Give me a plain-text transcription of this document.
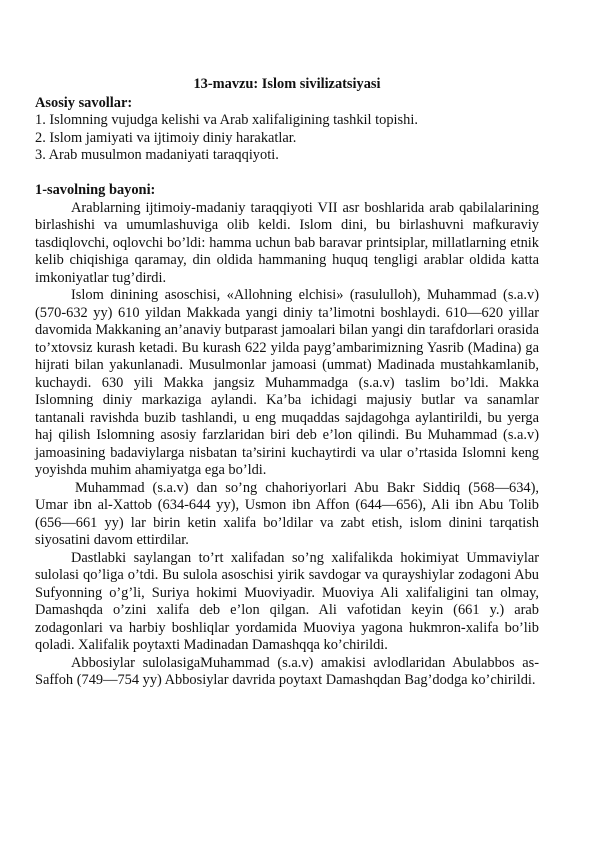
13-mavzu: Islom sivilizatsiyasi

Asosiy savollar:

1. Islomning vujudga kelishi va Arab xalifaligining tashkil topishi.

2. Islom jamiyati va ijtimoiy diniy harakatlar.

3. Arab musulmon madaniyati taraqqiyoti.

1-savolning bayoni:

Arablarning ijtimoiy-madaniy taraqqiyoti VII asr boshlarida arab qabilalarining birlashishi va umumlashuviga olib keldi. Islom dini, bu birlashuvni mafkuraviy tasdiqlovchi, oqlovchi bo’ldi: hamma uchun bab baravar printsiplar, millatlarning etnik kelib chiqishiga qaramay, din oldida hammaning huquq tengligi arablar oldida katta imkoniyatlar tug’dirdi.

Islom dinining asoschisi, «Allohning elchisi» (rasululloh), Muhammad (s.a.v) (570-632 yy) 610 yildan Makkada yangi diniy ta’limotni boshlaydi. 610—620 yillar davomida Makkaning an’anaviy butparast jamoalari bilan yangi din tarafdorlari orasida to’xtovsiz kurash ketadi. Bu kurash 622 yilda payg’ambarimizning Yasrib (Madina) ga hijrati bilan yakunlanadi. Musulmonlar jamoasi (ummat) Madinada mustahkamlanib, kuchaydi. 630 yili Makka jangsiz Muhammadga (s.a.v) taslim bo’ldi. Makka Islomning diniy markaziga aylandi. Ka’ba ichidagi majusiy butlar va sanamlar tantanali ravishda buzib tashlandi, u eng muqaddas sajdagohga aylantirildi, bu yerga haj qilish Islomning asosiy farzlaridan biri deb e’lon qilindi. Bu Muhammad (s.a.v) jamoasining badaviylarga nisbatan ta’sirini kuchaytirdi va ular o’rtasida Islomni keng yoyishda muhim ahamiyatga ega bo’ldi.

Muhammad (s.a.v) dan so’ng chahoriyorlari Abu Bakr Siddiq (568—634), Umar ibn al-Xattob (634-644 yy), Usmon ibn Affon (644—656), Ali ibn Abu Tolib (656—661 yy) lar birin ketin xalifa bo’ldilar va zabt etish, islom dinini tarqatish siyosatini davom ettirdilar.

Dastlabki saylangan to’rt xalifadan so’ng xalifalikda hokimiyat Ummaviylar sulolasi qo’liga o’tdi. Bu sulola asoschisi yirik savdogar va qurayshiylar zodagoni Abu Sufyonning o’g’li, Suriya hokimi Muoviyadir. Muoviya Ali xalifaligini tan olmay, Damashqda o’zini xalifa deb e’lon qilgan. Ali vafotidan keyin (661 y.) arab zodagonlari va harbiy boshliqlar yordamida Muoviya yagona hukmron-xalifa bo’lib qoladi. Xalifalik poytaxti Madinadan Damashqqa ko’chirildi.

Abbosiylar sulolasigaMuhammad (s.a.v) amakisi avlodlaridan Abulabbos as-Saffoh (749—754 yy) Abbosiylar davrida poytaxt Damashqdan Bag’dodga ko’chirildi.
